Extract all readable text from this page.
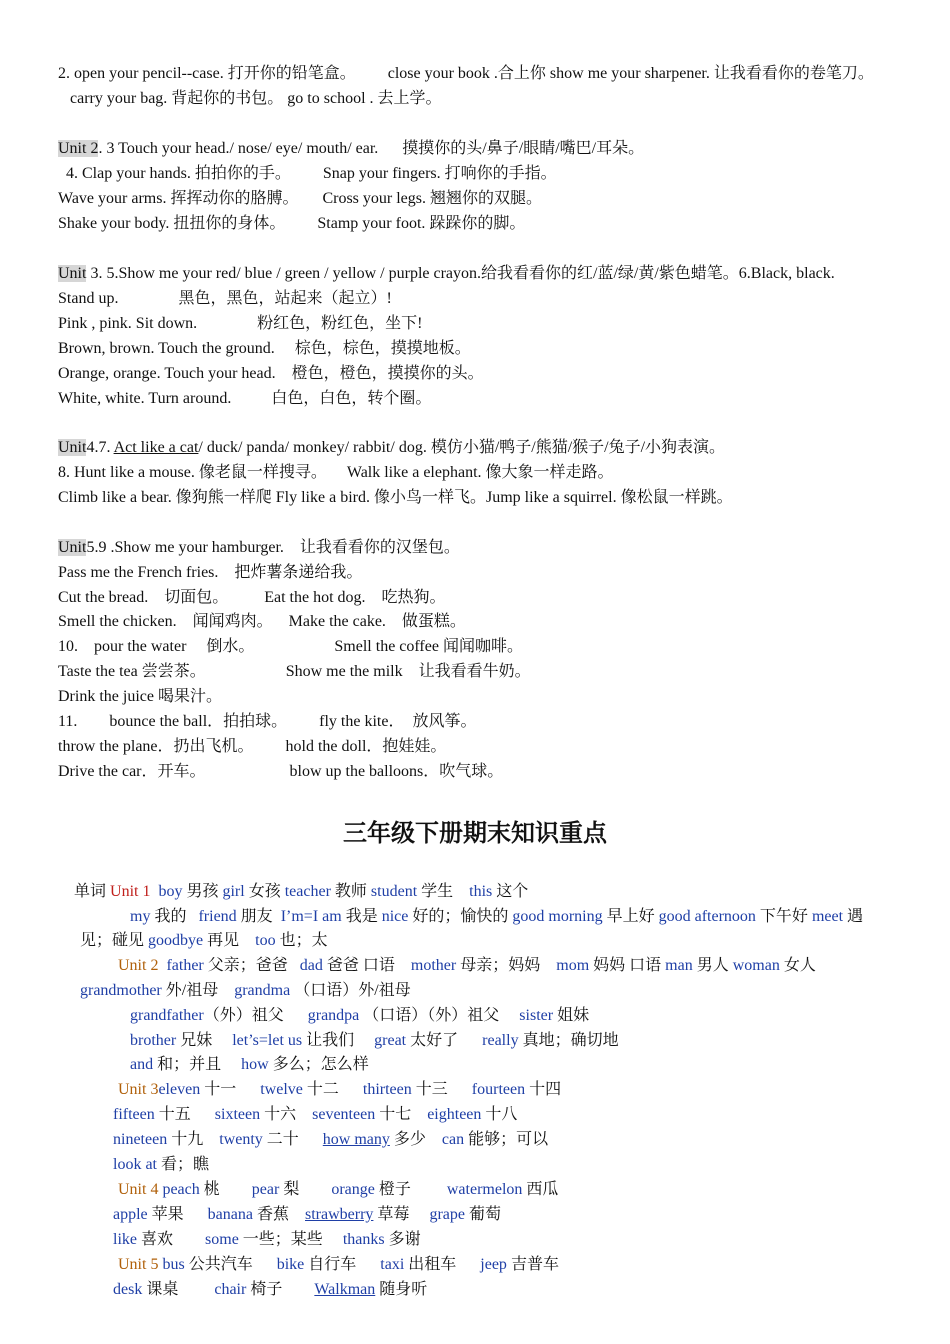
2. open your pencil--case. 打开你的铅笔盒。        close your book .合上你 show me your sharpener. 让我看看你的卷笔刀。
carry your bag. 背起你的书包。 go to school . 去上学。
Unit 2. 3 Touch your head./ nose/ eye/ mouth/ ear.      摸摸你的头/鼻子/眼睛/嘴巴/耳朵。
4. Clap your hands. 拍拍你的手。        Snap your fingers. 打响你的手指。
Wave your arms. 挥挥动你的胳膊。      Cross your legs. 翘翘你的双腿。
Shake your body. 扭扭你的身体。        Stamp your foot. 跺跺你的脚。
Unit 3. 5.Show me your red/ blue / green / yellow / purple crayon.给我看看你的红/蓝/绿/黄/紫色蜡笔。6.Black, black.
Stand up.               黑色，黑色，站起来（起立）!
Pink , pink. Sit down.               粉红色，粉红色，坐下!
Brown, brown. Touch the ground.     棕色，棕色，摸摸地板。
Orange, orange. Touch your head.    橙色，橙色，摸摸你的头。
White, white. Turn around.          白色，白色，转个圈。
Unit4.7. Act like a cat/ duck/ panda/ monkey/ rabbit/ dog. 模仿小猫/鸭子/熊猫/猴子/兔子/小狗表演。
8. Hunt like a mouse. 像老鼠一样搜寻。     Walk like a elephant. 像大象一样走路。
Climb like a bear. 像狗熊一样爬 Fly like a bird. 像小鸟一样飞。Jump like a squirrel. 像松鼠一样跳。
Unit5.9 .Show me your hamburger.    让我看看你的汉堡包。
Pass me the French fries.    把炸薯条递给我。
Cut the bread.    切面包。         Eat the hot dog.    吃热狗。
Smell the chicken.    闻闻鸡肉。    Make the cake.    做蛋糕。
10.    pour the water     倒水。                    Smell the coffee 闻闻咖啡。
Taste the tea 尝尝茶。                    Show me the milk    让我看看牛奶。
Drink the juice 喝果汁。
11.        bounce the ball．拍拍球。        fly the kite．  放风筝。
throw the plane．扔出飞机。        hold the doll．抱娃娃。
Drive the car．开车。                     blow up the balloons．吹气球。
三年级下册期末知识重点

单词 Unit 1 boy 男孩 girl 女孩 teacher 教师 student 学生    this 这个

my 我的   friend 朋友  I’m=I am 我是 nice 好的；愉快的 good morning 早上好 good afternoon 下午好 meet 遇

见；碰见 goodbye 再见    too 也；太

Unit 2 father 父亲；爸爸   dad 爸爸 口语    mother 母亲；妈妈    mom 妈妈 口语 man 男人 woman 女人

grandmother 外/祖母    grandma （口语）外/祖母

grandfather（外）祖父      grandpa （口语）（外）祖父     sister 姐妹

brother 兄妹     let’s=let us 让我们     great 太好了      really 真地；确切地

and 和；并且     how 多么；怎么样

Unit 3eleven 十一      twelve 十二      thirteen 十三      fourteen 十四

fifteen 十五      sixteen 十六    seventeen 十七    eighteen 十八

nineteen 十九    twenty 二十      how many 多少    can 能够；可以

look at 看；瞧

Unit 4 peach 桃        pear 梨        orange 橙子         watermelon 西瓜

apple 苹果      banana 香蕉    strawberry 草莓     grape 葡萄

like 喜欢        some 一些；某些     thanks 多谢

Unit 5 bus 公共汽车      bike 自行车      taxi 出租车      jeep 吉普车

desk 课桌         chair 椅子        Walkman 随身听
